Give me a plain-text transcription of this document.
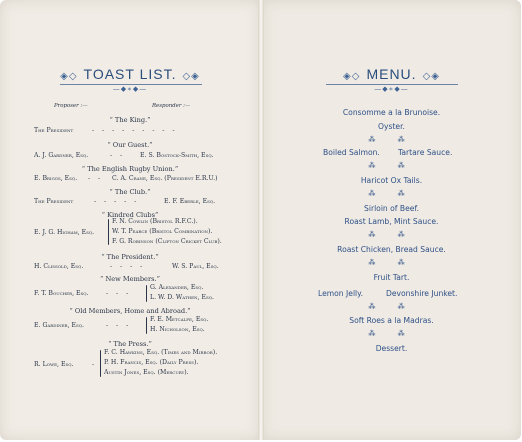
◈◇ TOAST LIST. ◇◈
—◆∗◆—
Proposer :—	Responder :—
“ The King.”
The President	- - - - - - - - -
“ Our Guest.”
A. J. Gardner, Esq.	- - E. S. Bostock-Smith, Esq.
“ The English Rugby Union.”
E. Briggs, Esq. - - C. A. Crane, Esq. (President E.R.U.)
“ The Club.”
The President	- - - - -	E. F. Eberle, Esq.
“ Kindred Clubs”
E. J. G. Higham, Esq.
F. N. Cowlin (Bristol R.F.C.).
W. T. Pearce (Bristol Combination).
F. G. Robinson (Clifton Cricket Club).
“ The President.”
H. Clissold, Esq.	- - - -	W. S. Paul, Esq.
“ New Members.”
F. T. Boucher, Esq.	- - -
G. Alexander, Esq.
L. W. D. Wathen, Esq.
“ Old Members, Home and Abroad.”
E. Gardiner, Esq.	- - -
F. E. Metcalfe, Esq.
H. Nicholson, Esq.
“ The Press.”
R. Lowe, Esq.	-
F. C. Hawkins, Esq. (Times and Mirror).
P. H. Francis, Esq. (Daily Press).
Austin Jones, Esq. (Mercury).
◈◇ MENU. ◇◈
—◆∗◆—
Consomme a la Brunoise.
Oyster.
⁂ ⁂
Boiled Salmon. Tartare Sauce.
⁂ ⁂
Haricot Ox Tails.
⁂ ⁂
Sirloin of Beef.
Roast Lamb, Mint Sauce.
⁂ ⁂
Roast Chicken, Bread Sauce.
⁂ ⁂
Fruit Tart.
Lemon Jelly.	Devonshire Junket.
⁂ ⁂
Soft Roes a la Madras.
⁂ ⁂
Dessert.
